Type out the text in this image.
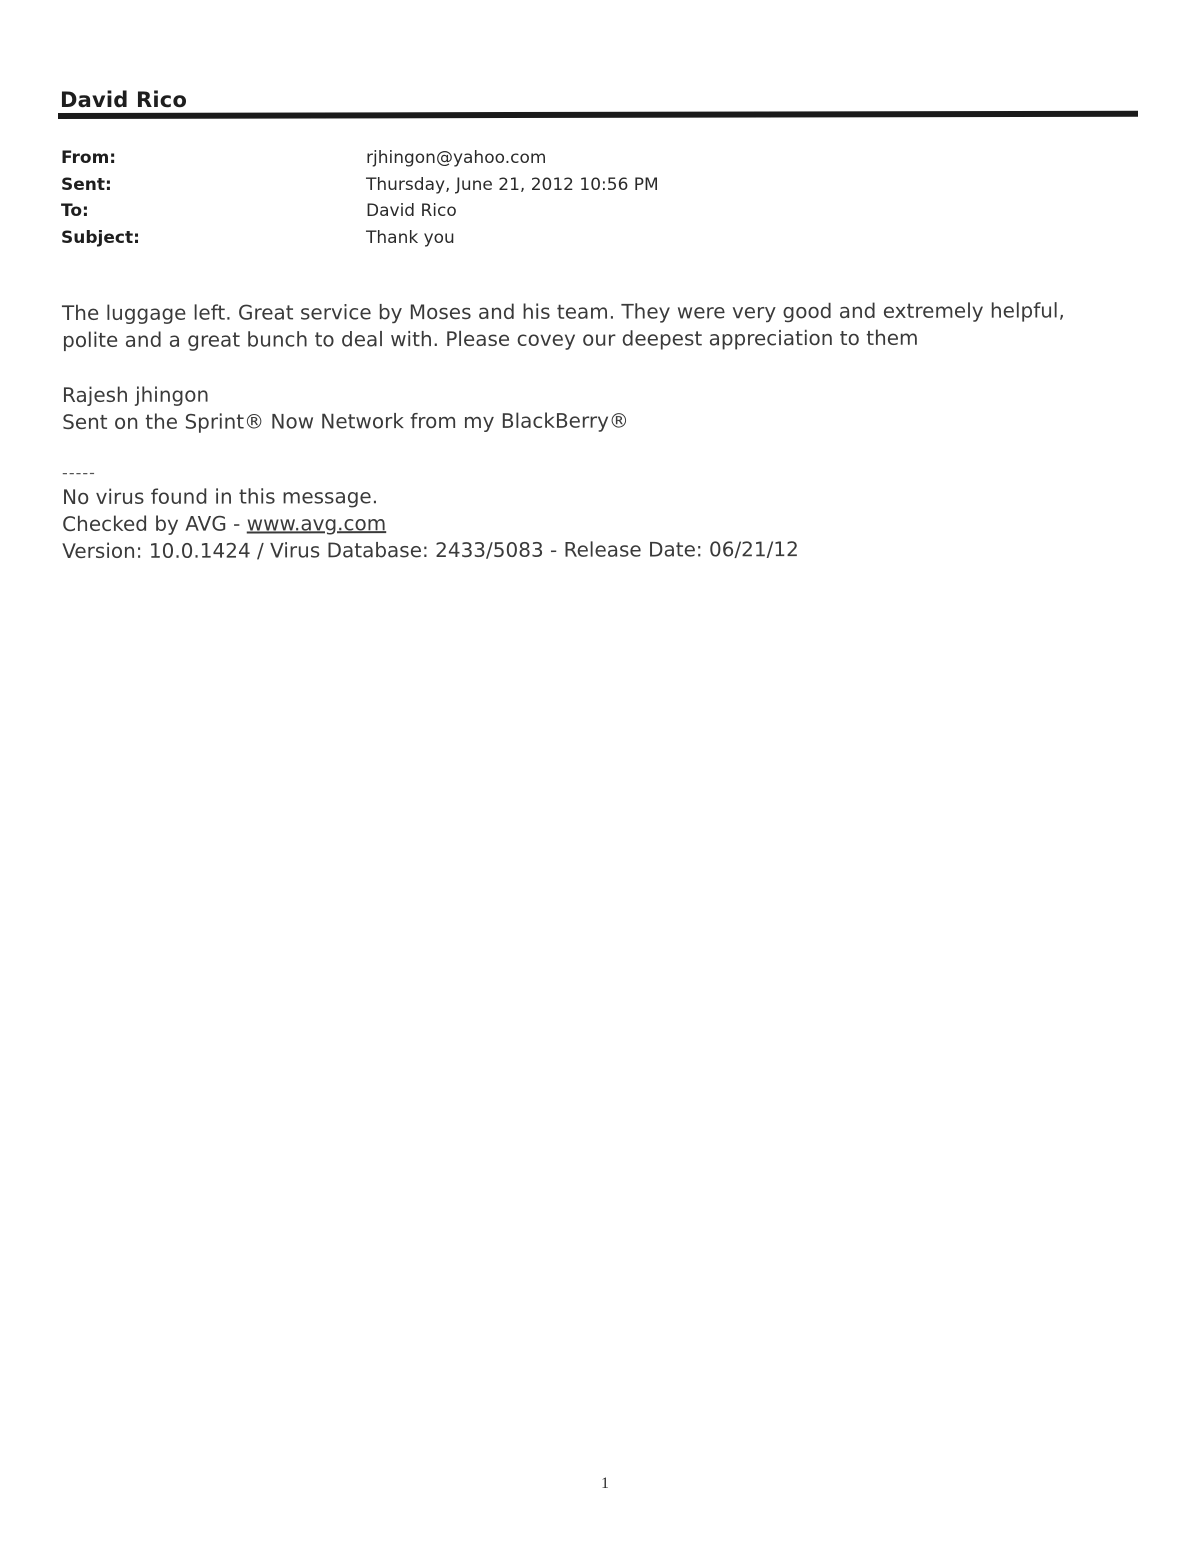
David Rico
From:	rjhingon@yahoo.com
Sent:	Thursday, June 21, 2012 10:56 PM
To:	David Rico
Subject:	Thank you
The luggage left. Great service by Moses and his team. They were very good and extremely helpful,
polite and a great bunch to deal with. Please covey our deepest appreciation to them
Rajesh jhingon
Sent on the Sprint® Now Network from my BlackBerry®
-----
No virus found in this message.
Checked by AVG - www.avg.com
Version: 10.0.1424 / Virus Database: 2433/5083 - Release Date: 06/21/12
1
